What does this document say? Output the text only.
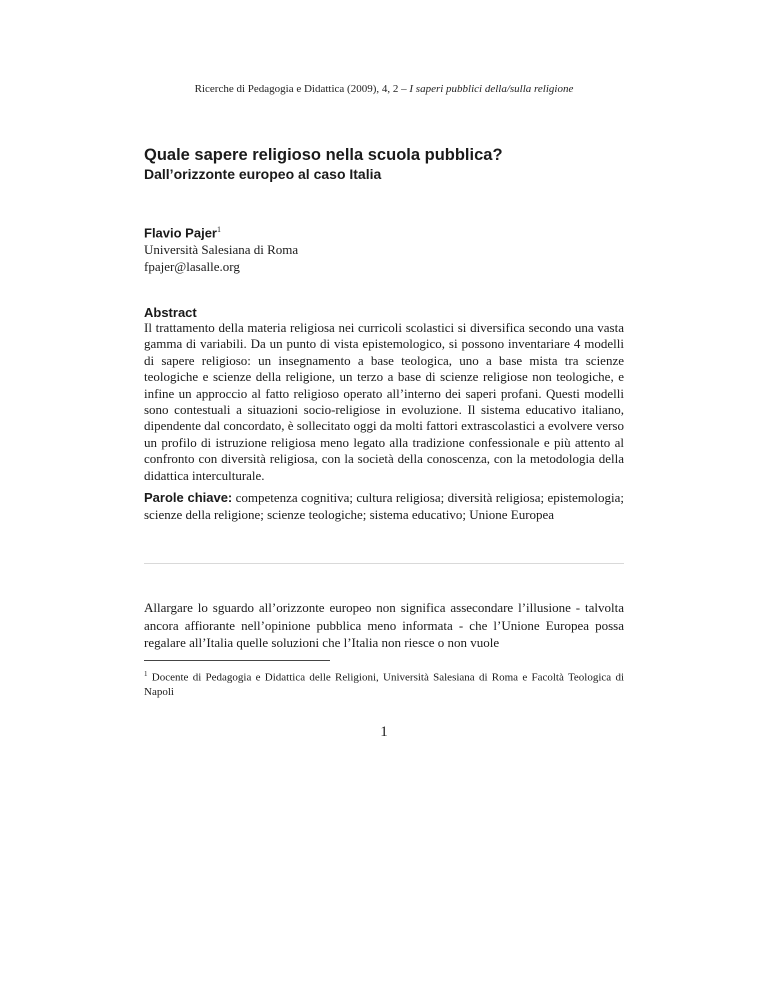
Ricerche di Pedagogia e Didattica (2009), 4, 2 – I saperi pubblici della/sulla religione
Quale sapere religioso nella scuola pubblica?
Dall’orizzonte europeo al caso Italia
Flavio Pajer$^1$
Università Salesiana di Roma
fpajer@lasalle.org
Abstract

Il trattamento della materia religiosa nei curricoli scolastici si diversifica secondo una vasta gamma di variabili. Da un punto di vista epistemologico, si possono inventariare 4 modelli di sapere religioso: un insegnamento a base teologica, uno a base mista tra scienze teologiche e scienze della religione, un terzo a base di scienze religiose non teologiche, e infine un approccio al fatto religioso operato all’interno dei saperi profani. Questi modelli sono contestuali a situazioni socio-religiose in evoluzione. Il sistema educativo italiano, dipendente dal concordato, è sollecitato oggi da molti fattori extrascolastici a evolvere verso un profilo di istruzione religiosa meno legato alla tradizione confessionale e più attento al confronto con diversità religiosa, con la società della conoscenza, con la metodologia della didattica interculturale.

Parole chiave: competenza cognitiva; cultura religiosa; diversità religiosa; epistemologia; scienze della religione; scienze teologiche; sistema educativo; Unione Europea

Allargare lo sguardo all’orizzonte europeo non significa assecondare l’illusione - talvolta ancora affiorante nell’opinione pubblica meno informata - che l’Unione Europea possa regalare all’Italia quelle soluzioni che l’Italia non riesce o non vuole

$^1$ Docente di Pedagogia e Didattica delle Religioni, Università Salesiana di Roma e Facoltà Teologica di Napoli

1
